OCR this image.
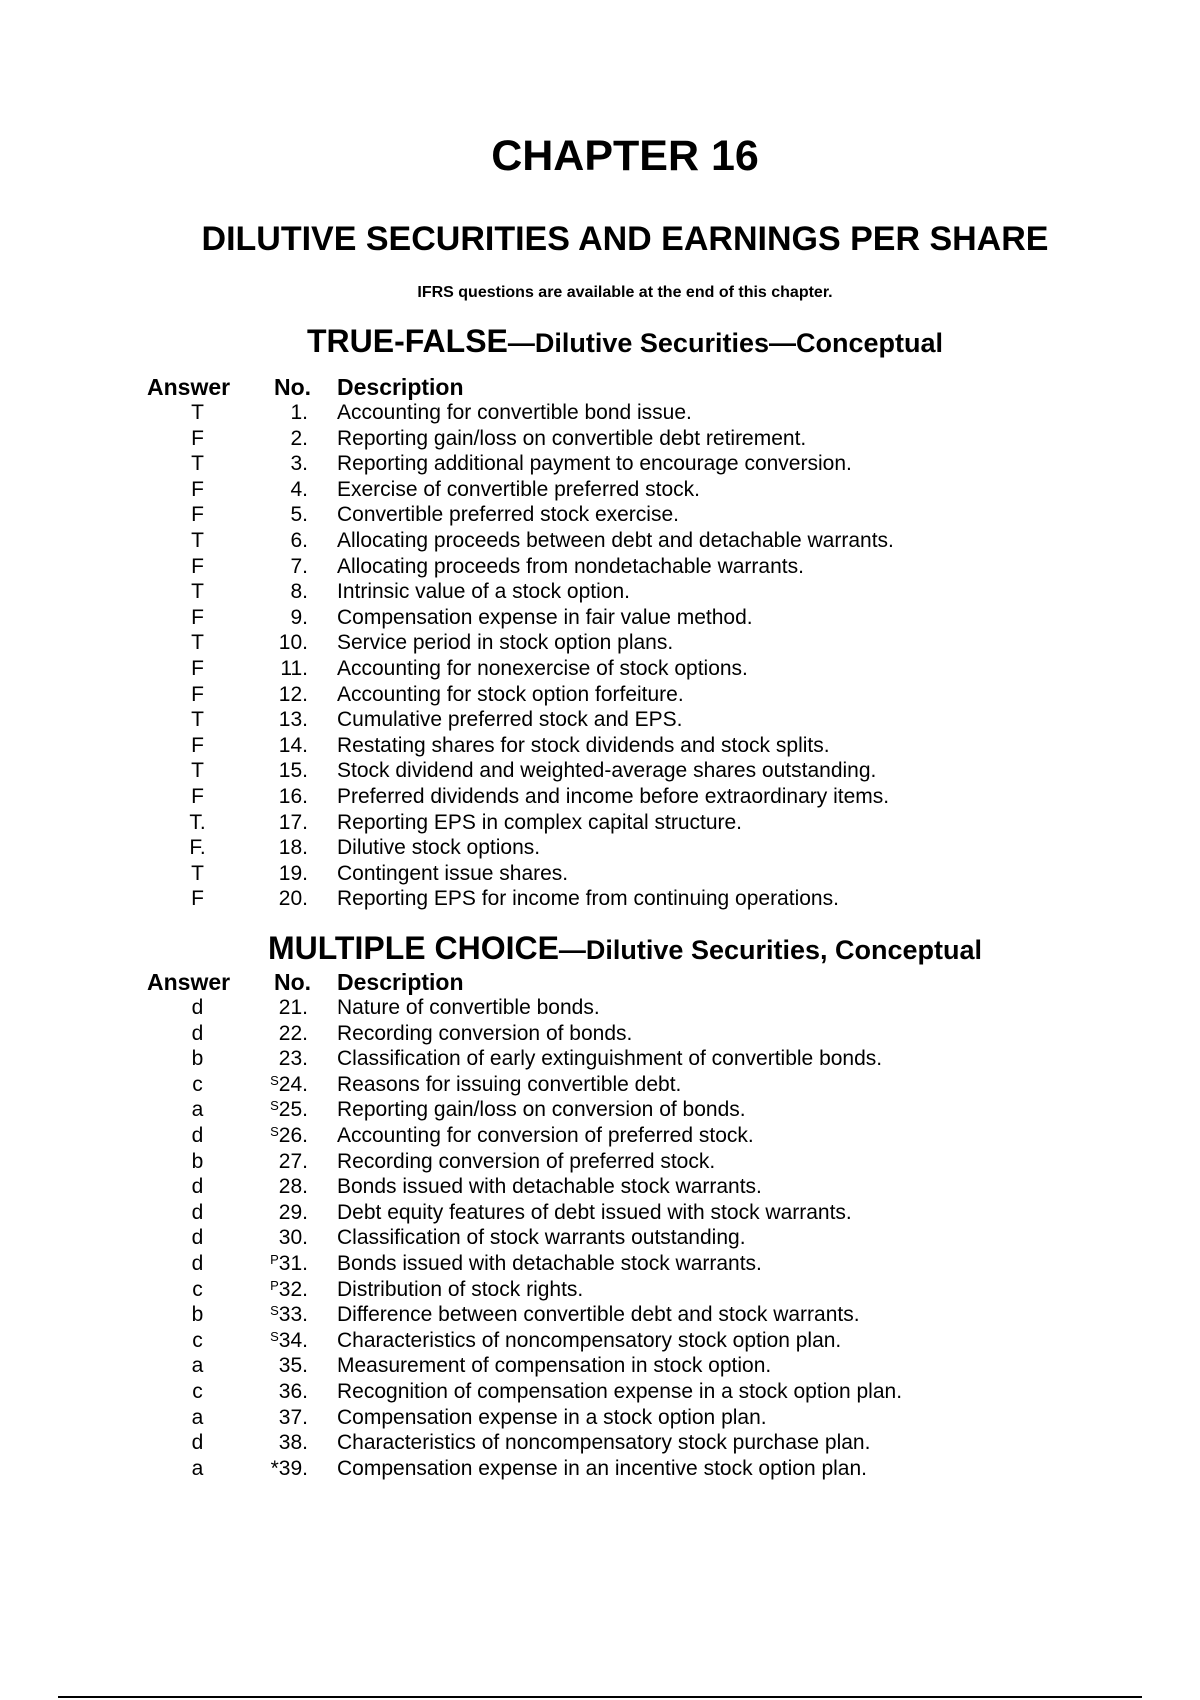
CHAPTER 16
DILUTIVE SECURITIES AND EARNINGS PER SHARE
IFRS questions are available at the end of this chapter.
TRUE-FALSE—Dilutive Securities—Conceptual
Answer No. Description
T	1. Accounting for convertible bond issue.
F	2. Reporting gain/loss on convertible debt retirement.
T	3. Reporting additional payment to encourage conversion.
F	4. Exercise of convertible preferred stock.
F	5. Convertible preferred stock exercise.
T	6. Allocating proceeds between debt and detachable warrants.
F	7. Allocating proceeds from nondetachable warrants.
T	8. Intrinsic value of a stock option.
F	9. Compensation expense in fair value method.
T	10. Service period in stock option plans.
F	11. Accounting for nonexercise of stock options.
F	12. Accounting for stock option forfeiture.
T	13. Cumulative preferred stock and EPS.
F	14. Restating shares for stock dividends and stock splits.
T	15. Stock dividend and weighted-average shares outstanding.
F	16. Preferred dividends and income before extraordinary items.
T.	17. Reporting EPS in complex capital structure.
F.	18. Dilutive stock options.
T	19. Contingent issue shares.
F	20. Reporting EPS for income from continuing operations.
MULTIPLE CHOICE—Dilutive Securities, Conceptual
Answer No. Description
d	21. Nature of convertible bonds.
d	22. Recording conversion of bonds.
b	23. Classification of early extinguishment of convertible bonds.
c	$^S$24. Reasons for issuing convertible debt.
a	$^S$25. Reporting gain/loss on conversion of bonds.
d	$^S$26. Accounting for conversion of preferred stock.
b	27. Recording conversion of preferred stock.
d	28. Bonds issued with detachable stock warrants.
d	29. Debt equity features of debt issued with stock warrants.
d	30. Classification of stock warrants outstanding.
d	$^P$31. Bonds issued with detachable stock warrants.
c	$^P$32. Distribution of stock rights.
b	$^S$33. Difference between convertible debt and stock warrants.
c	$^S$34. Characteristics of noncompensatory stock option plan.
a	35. Measurement of compensation in stock option.
c	36. Recognition of compensation expense in a stock option plan.
a	37. Compensation expense in a stock option plan.
d	38. Characteristics of noncompensatory stock purchase plan.
a	*39. Compensation expense in an incentive stock option plan.
